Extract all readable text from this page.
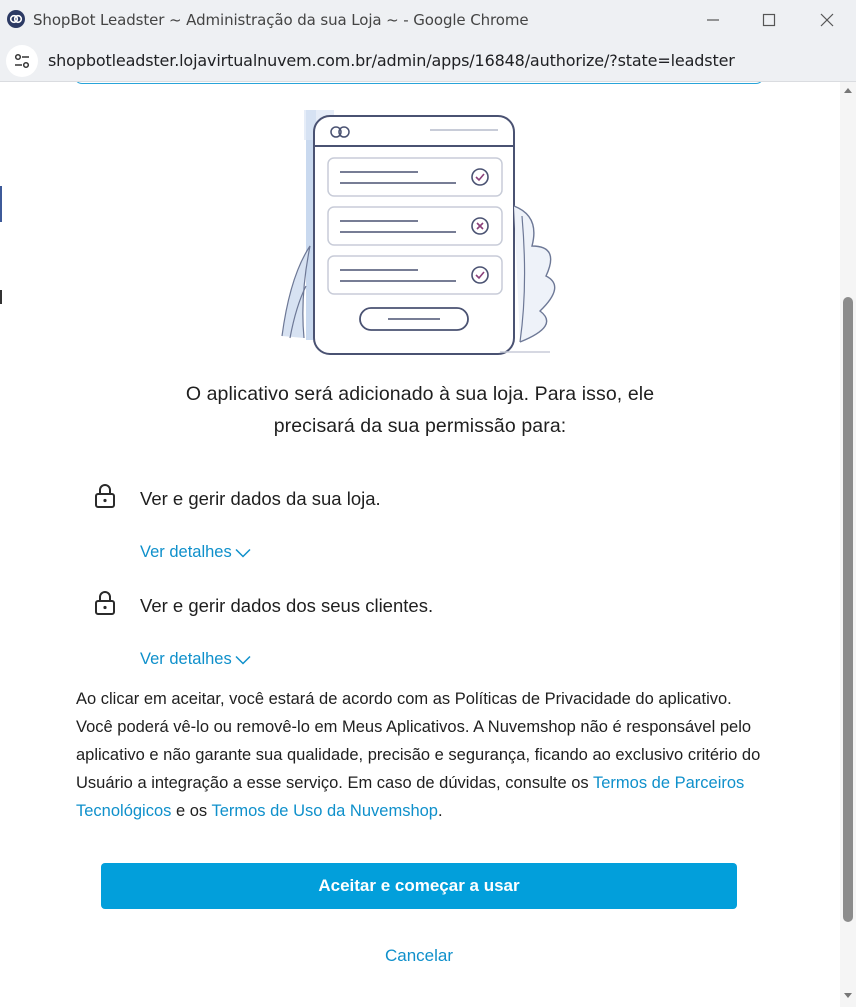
ShopBot Leadster ~ Administração da sua Loja ~ - Google Chrome
shopbotleadster.lojavirtualnuvem.com.br/admin/apps/16848/authorize/?state=leadster

O aplicativo será adicionado à sua loja. Para isso, ele
precisará da sua permissão para:

Ver e gerir dados da sua loja.
Ver detalhes
Ver e gerir dados dos seus clientes.
Ver detalhes

Ao clicar em aceitar, você estará de acordo com as Políticas de Privacidade do aplicativo. Você poderá vê-lo ou removê-lo em Meus Aplicativos. A Nuvemshop não é responsável pelo aplicativo e não garante sua qualidade, precisão e segurança, ficando ao exclusivo critério do Usuário a integração a esse serviço. Em caso de dúvidas, consulte os Termos de Parceiros Tecnológicos e os Termos de Uso da Nuvemshop.

Aceitar e começar a usar
Cancelar
